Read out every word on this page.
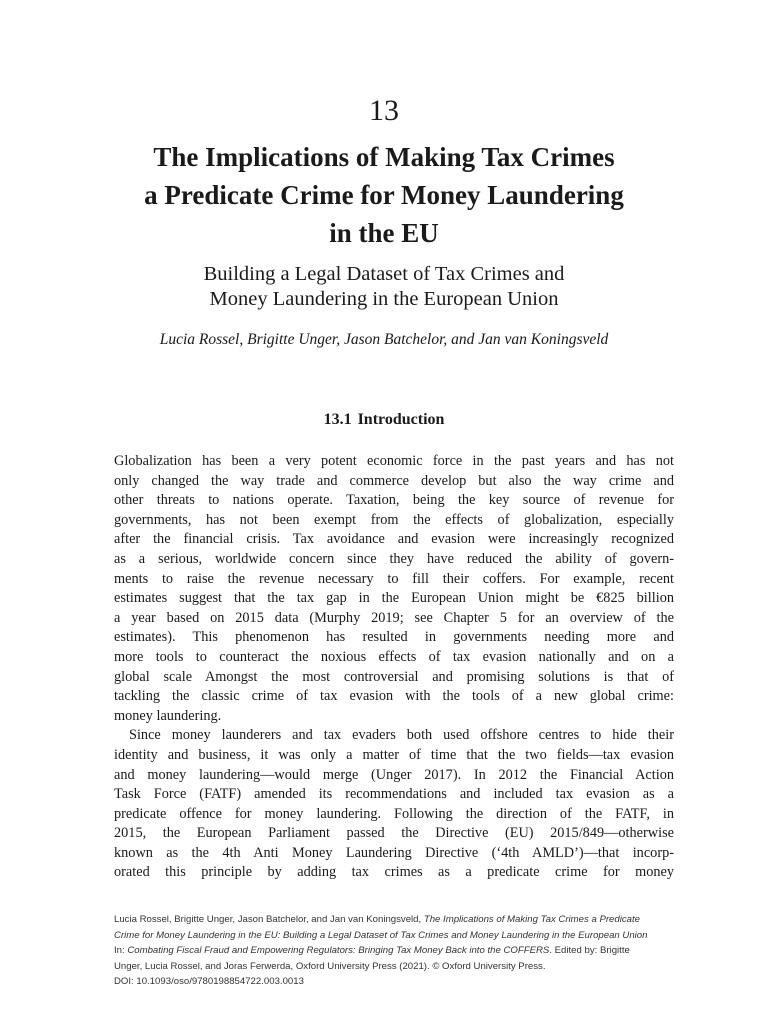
13
The Implications of Making Tax Crimes
a Predicate Crime for Money Laundering
in the EU
Building a Legal Dataset of Tax Crimes and
Money Laundering in the European Union
Lucia Rossel, Brigitte Unger, Jason Batchelor, and Jan van Koningsveld
13.1 Introduction
Globalization has been a very potent economic force in the past years and has not
only changed the way trade and commerce develop but also the way crime and
other threats to nations operate. Taxation, being the key source of revenue for
governments, has not been exempt from the effects of globalization, especially
after the financial crisis. Tax avoidance and evasion were increasingly recognized
as a serious, worldwide concern since they have reduced the ability of govern-
ments to raise the revenue necessary to fill their coffers. For example, recent
estimates suggest that the tax gap in the European Union might be €825 billion
a year based on 2015 data (Murphy 2019; see Chapter 5 for an overview of the
estimates). This phenomenon has resulted in governments needing more and
more tools to counteract the noxious effects of tax evasion nationally and on a
global scale Amongst the most controversial and promising solutions is that of
tackling the classic crime of tax evasion with the tools of a new global crime:
money laundering.
Since money launderers and tax evaders both used offshore centres to hide their
identity and business, it was only a matter of time that the two fields—tax evasion
and money laundering—would merge (Unger 2017). In 2012 the Financial Action
Task Force (FATF) amended its recommendations and included tax evasion as a
predicate offence for money laundering. Following the direction of the FATF, in
2015, the European Parliament passed the Directive (EU) 2015/849—otherwise
known as the 4th Anti Money Laundering Directive (‘4th AMLD’)—that incorp-
orated this principle by adding tax crimes as a predicate crime for money
Lucia Rossel, Brigitte Unger, Jason Batchelor, and Jan van Koningsveld, The Implications of Making Tax Crimes a Predicate
Crime for Money Laundering in the EU: Building a Legal Dataset of Tax Crimes and Money Laundering in the European Union
In: Combating Fiscal Fraud and Empowering Regulators: Bringing Tax Money Back into the COFFERS. Edited by: Brigitte
Unger, Lucia Rossel, and Joras Ferwerda, Oxford University Press (2021). © Oxford University Press.
DOI: 10.1093/oso/9780198854722.003.0013
